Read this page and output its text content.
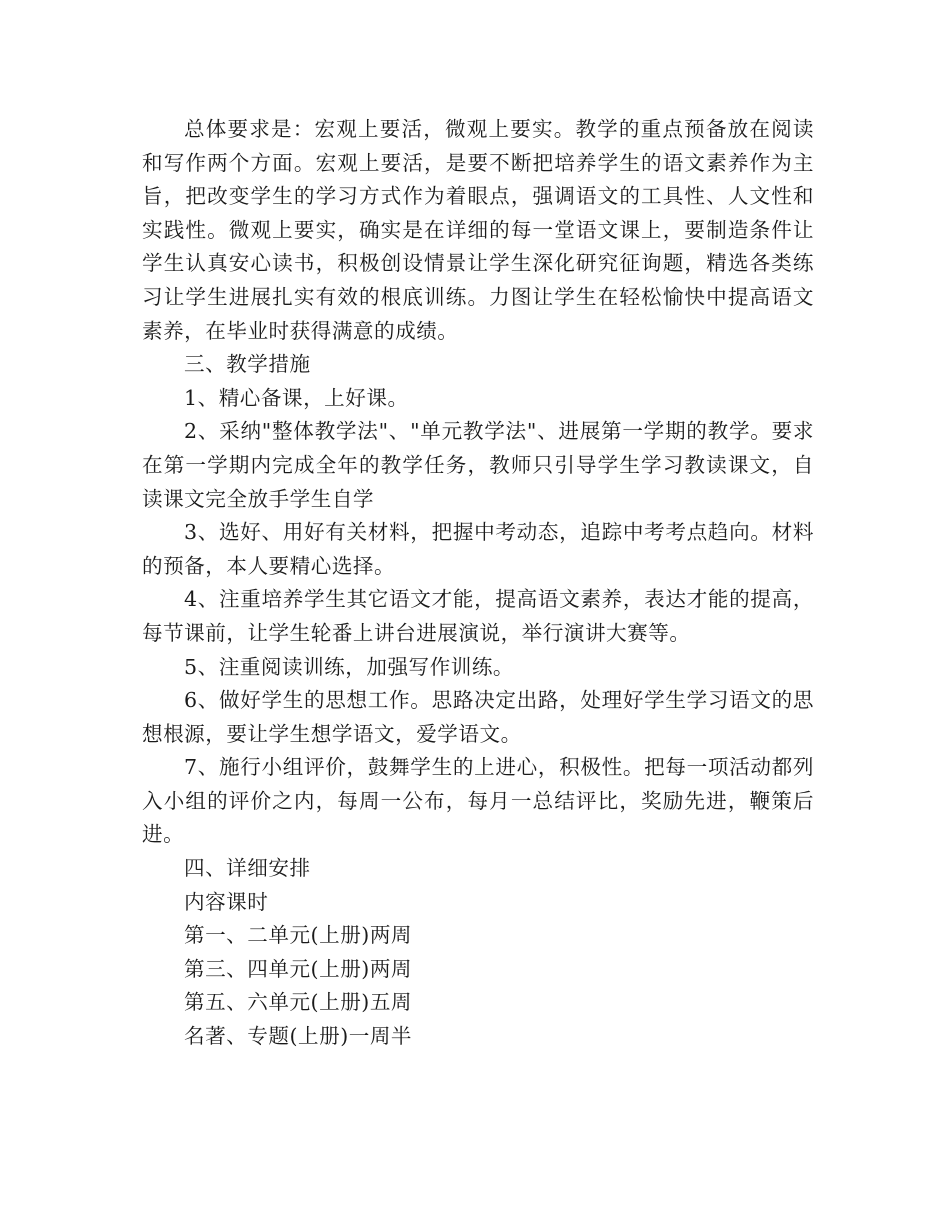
总体要求是：宏观上要活，微观上要实。教学的重点预备放在阅读和写作两个方面。宏观上要活，是要不断把培养学生的语文素养作为主旨，把改变学生的学习方式作为着眼点，强调语文的工具性、人文性和实践性。微观上要实，确实是在详细的每一堂语文课上，要制造条件让学生认真安心读书，积极创设情景让学生深化研究征询题，精选各类练习让学生进展扎实有效的根底训练。力图让学生在轻松愉快中提高语文素养，在毕业时获得满意的成绩。

三、教学措施

1、精心备课，上好课。

2、采纳"整体教学法"、"单元教学法"、进展第一学期的教学。要求在第一学期内完成全年的教学任务，教师只引导学生学习教读课文，自读课文完全放手学生自学

3、选好、用好有关材料，把握中考动态，追踪中考考点趋向。材料的预备，本人要精心选择。

4、注重培养学生其它语文才能，提高语文素养，表达才能的提高，每节课前，让学生轮番上讲台进展演说，举行演讲大赛等。

5、注重阅读训练，加强写作训练。

6、做好学生的思想工作。思路决定出路，处理好学生学习语文的思想根源，要让学生想学语文，爱学语文。

7、施行小组评价，鼓舞学生的上进心，积极性。把每一项活动都列入小组的评价之内，每周一公布，每月一总结评比，奖励先进，鞭策后进。

四、详细安排

内容课时

第一、二单元(上册)两周

第三、四单元(上册)两周

第五、六单元(上册)五周

名著、专题(上册)一周半
